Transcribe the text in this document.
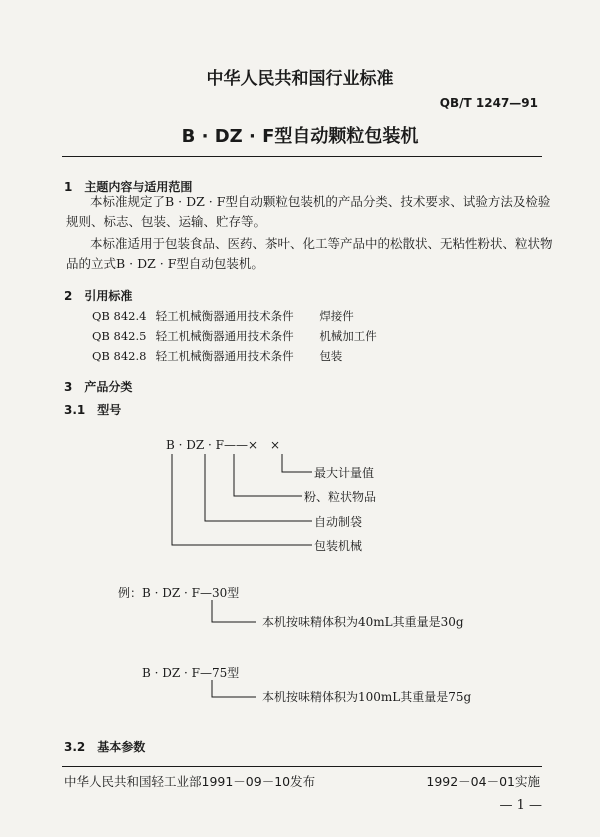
中华人民共和国行业标准
QB/T 1247—91
B · DZ · F型自动颗粒包装机
1　主题内容与适用范围

本标准规定了B · DZ · F型自动颗粒包装机的产品分类、技术要求、试验方法及检验规则、标志、包装、运输、贮存等。

本标准适用于包装食品、医药、茶叶、化工等产品中的松散状、无粘性粉状、粒状物品的立式B · DZ · F型自动包装机。

2　引用标准
QB 842.4 轻工机械衡器通用技术条件 焊接件
QB 842.5 轻工机械衡器通用技术条件 机械加工件
QB 842.8 轻工机械衡器通用技术条件 包装
3　产品分类
3.1　型号
B · DZ · F——×　×
最大计量值
粉、粒状物品
自动制袋
包装机械
例：B · DZ · F—30型
本机按味精体积为40mL其重量是30g
B · DZ · F—75型
本机按味精体积为100mL其重量是75g
3.2　基本参数
中华人民共和国轻工业部1991－09－10发布	1992－04－01实施
— 1 —
